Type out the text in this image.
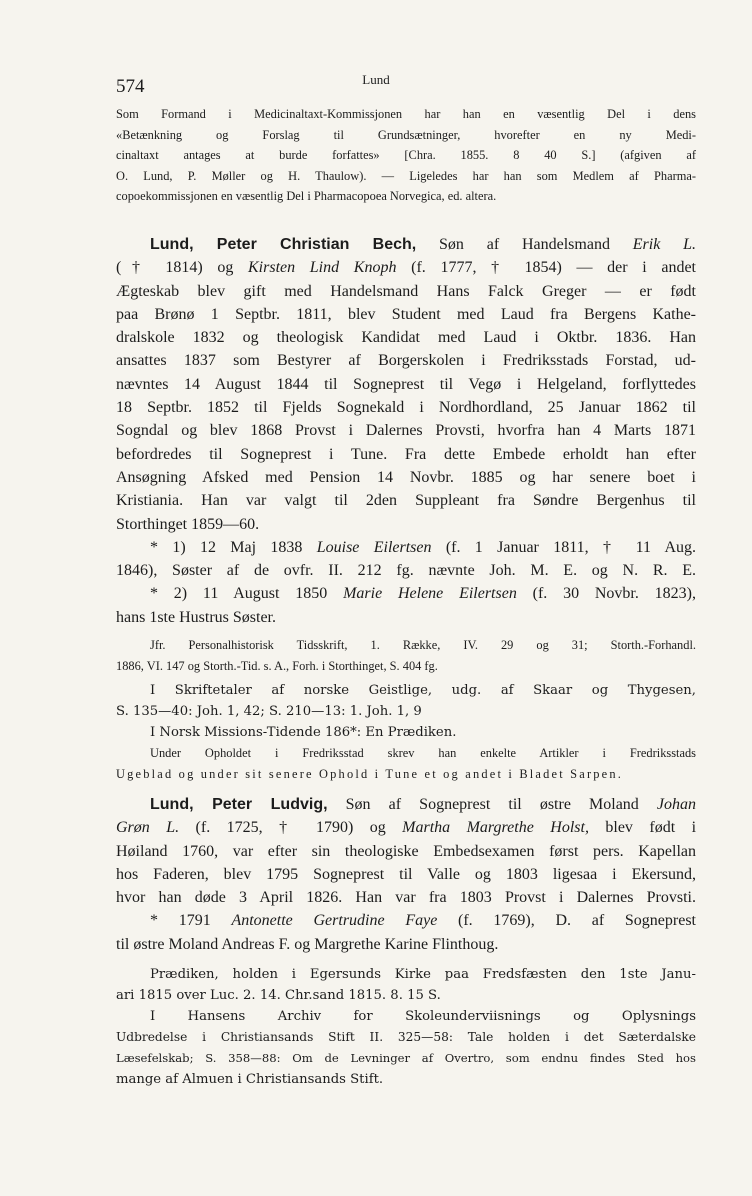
574	Lund
Som Formand i Medicinaltaxt-Kommissjonen har han en væsentlig Del i dens
«Betænkning og Forslag til Grundsætninger, hvorefter en ny Medi-
cinaltaxt antages at burde forfattes» [Chra. 1855. 8 40 S.] (afgiven af
O. Lund, P. Møller og H. Thaulow). — Ligeledes har han som Medlem af Pharma-
copoekommissjonen en væsentlig Del i Pharmacopoea Norvegica, ed. altera.
Lund, Peter Christian Bech, Søn af Handelsmand Erik L.
(† 1814) og Kirsten Lind Knoph (f. 1777, † 1854) — der i andet
Ægteskab blev gift med Handelsmand Hans Falck Greger — er født
paa Brønø 1 Septbr. 1811, blev Student med Laud fra Bergens Kathe-
dralskole 1832 og theologisk Kandidat med Laud i Oktbr. 1836. Han
ansattes 1837 som Bestyrer af Borgerskolen i Fredriksstads Forstad, ud-
nævntes 14 August 1844 til Sogneprest til Vegø i Helgeland, forflyttedes
18 Septbr. 1852 til Fjelds Sognekald i Nordhordland, 25 Januar 1862 til
Sogndal og blev 1868 Provst i Dalernes Provsti, hvorfra han 4 Marts 1871
befordredes til Sogneprest i Tune. Fra dette Embede erholdt han efter
Ansøgning Afsked med Pension 14 Novbr. 1885 og har senere boet i
Kristiania. Han var valgt til 2den Suppleant fra Søndre Bergenhus til
Storthinget 1859—60.
* 1) 12 Maj 1838 Louise Eilertsen (f. 1 Januar 1811, † 11 Aug.
1846), Søster af de ovfr. II. 212 fg. nævnte Joh. M. E. og N. R. E.
* 2) 11 August 1850 Marie Helene Eilertsen (f. 30 Novbr. 1823),
hans 1ste Hustrus Søster.
Jfr. Personalhistorisk Tidsskrift, 1. Række, IV. 29 og 31; Storth.-Forhandl.
1886, VI. 147 og Storth.-Tid. s. A., Forh. i Storthinget, S. 404 fg.
I Skriftetaler af norske Geistlige, udg. af Skaar og Thygesen,
S. 135—40: Joh. 1, 42; S. 210—13: 1. Joh. 1, 9
I Norsk Missions-Tidende 186*: En Prædiken.
Under Opholdet i Fredriksstad skrev han enkelte Artikler i Fredriksstads
Ugeblad og under sit senere Ophold i Tune et og andet i Bladet Sarpen.
Lund, Peter Ludvig, Søn af Sogneprest til østre Moland Johan
Grøn L. (f. 1725, † 1790) og Martha Margrethe Holst, blev født i
Høiland 1760, var efter sin theologiske Embedsexamen først pers. Kapellan
hos Faderen, blev 1795 Sogneprest til Valle og 1803 ligesaa i Ekersund,
hvor han døde 3 April 1826. Han var fra 1803 Provst i Dalernes Provsti.
* 1791 Antonette Gertrudine Faye (f. 1769), D. af Sogneprest
til østre Moland Andreas F. og Margrethe Karine Flinthoug.
Prædiken, holden i Egersunds Kirke paa Fredsfæsten den 1ste Janu-
ari 1815 over Luc. 2. 14. Chr.sand 1815. 8. 15 S.
I Hansens Archiv for Skoleunderviisnings og Oplysnings
Udbredelse i Christiansands Stift II. 325—58: Tale holden i det Sæterdalske
Læsefelskab; S. 358—88: Om de Levninger af Overtro, som endnu findes Sted hos
mange af Almuen i Christiansands Stift.
